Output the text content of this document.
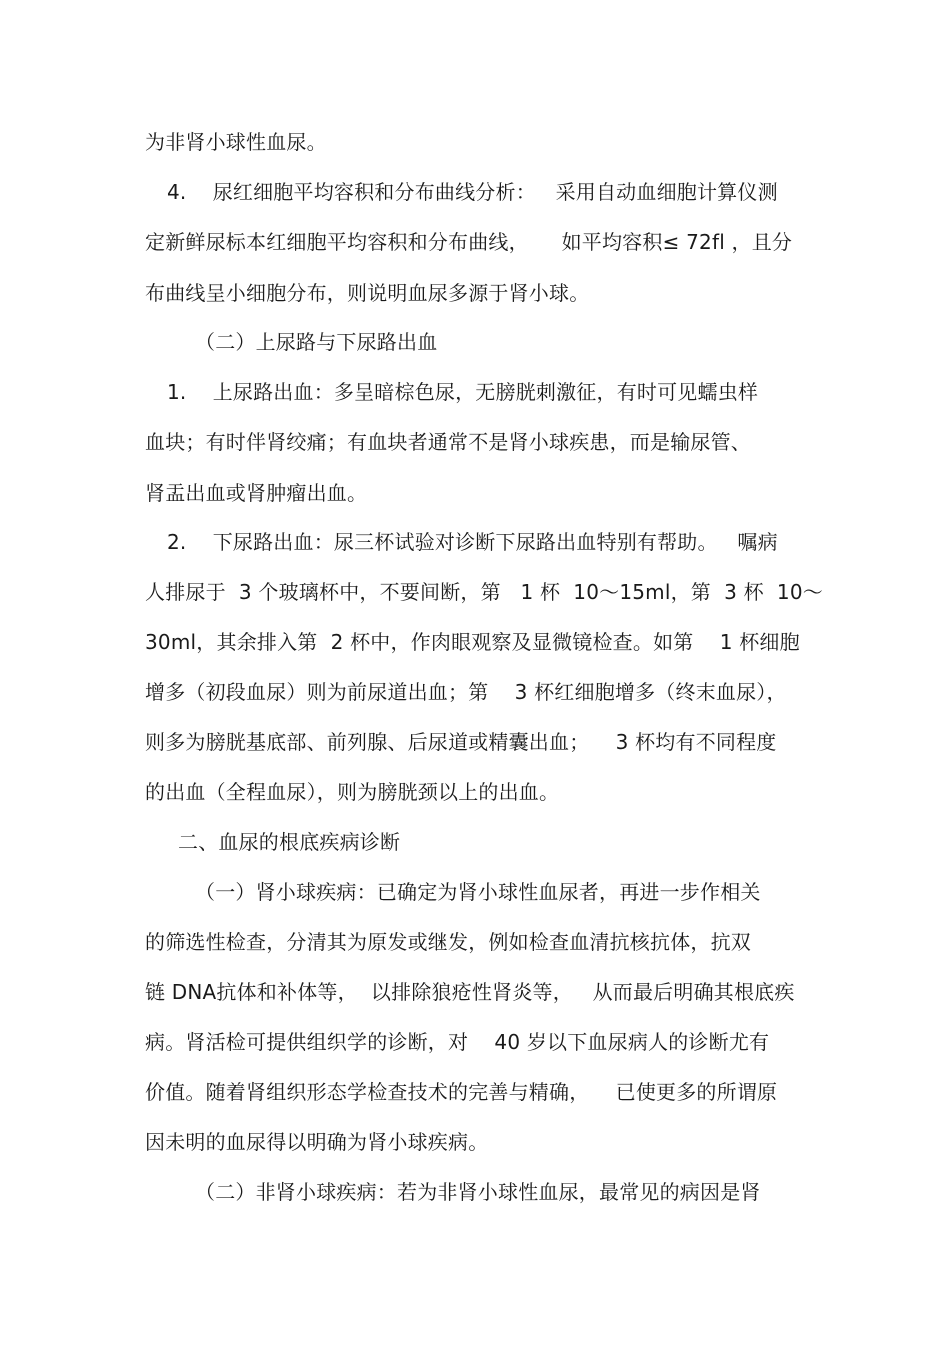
为非肾小球性血尿。
4.    尿红细胞平均容积和分布曲线分析：   采用自动血细胞计算仪测
定新鲜尿标本红细胞平均容积和分布曲线，     如平均容积≤ 72fl ，且分
布曲线呈小细胞分布，则说明血尿多源于肾小球。
（二）上尿路与下尿路出血
1.    上尿路出血：多呈暗棕色尿，无膀胱刺激征，有时可见蠕虫样
血块；有时伴肾绞痛；有血块者通常不是肾小球疾患，而是输尿管、
肾盂出血或肾肿瘤出血。
2.    下尿路出血：尿三杯试验对诊断下尿路出血特别有帮助。   嘱病
人排尿于  3 个玻璃杯中，不要间断，第   1 杯  10～15ml，第  3 杯  10～
30ml，其余排入第  2 杯中，作肉眼观察及显微镜检查。如第    1 杯细胞
增多（初段血尿）则为前尿道出血；第    3 杯红细胞增多（终末血尿），
则多为膀胱基底部、前列腺、后尿道或精囊出血；    3 杯均有不同程度
的出血（全程血尿），则为膀胱颈以上的出血。
二、血尿的根底疾病诊断
（一）肾小球疾病：已确定为肾小球性血尿者，再进一步作相关
的筛选性检查，分清其为原发或继发，例如检查血清抗核抗体，抗双
链 DNA抗体和补体等，  以排除狼疮性肾炎等，   从而最后明确其根底疾
病。肾活检可提供组织学的诊断，对    40 岁以下血尿病人的诊断尤有
价值。随着肾组织形态学检查技术的完善与精确，    已使更多的所谓原
因未明的血尿得以明确为肾小球疾病。
（二）非肾小球疾病：若为非肾小球性血尿，最常见的病因是肾
